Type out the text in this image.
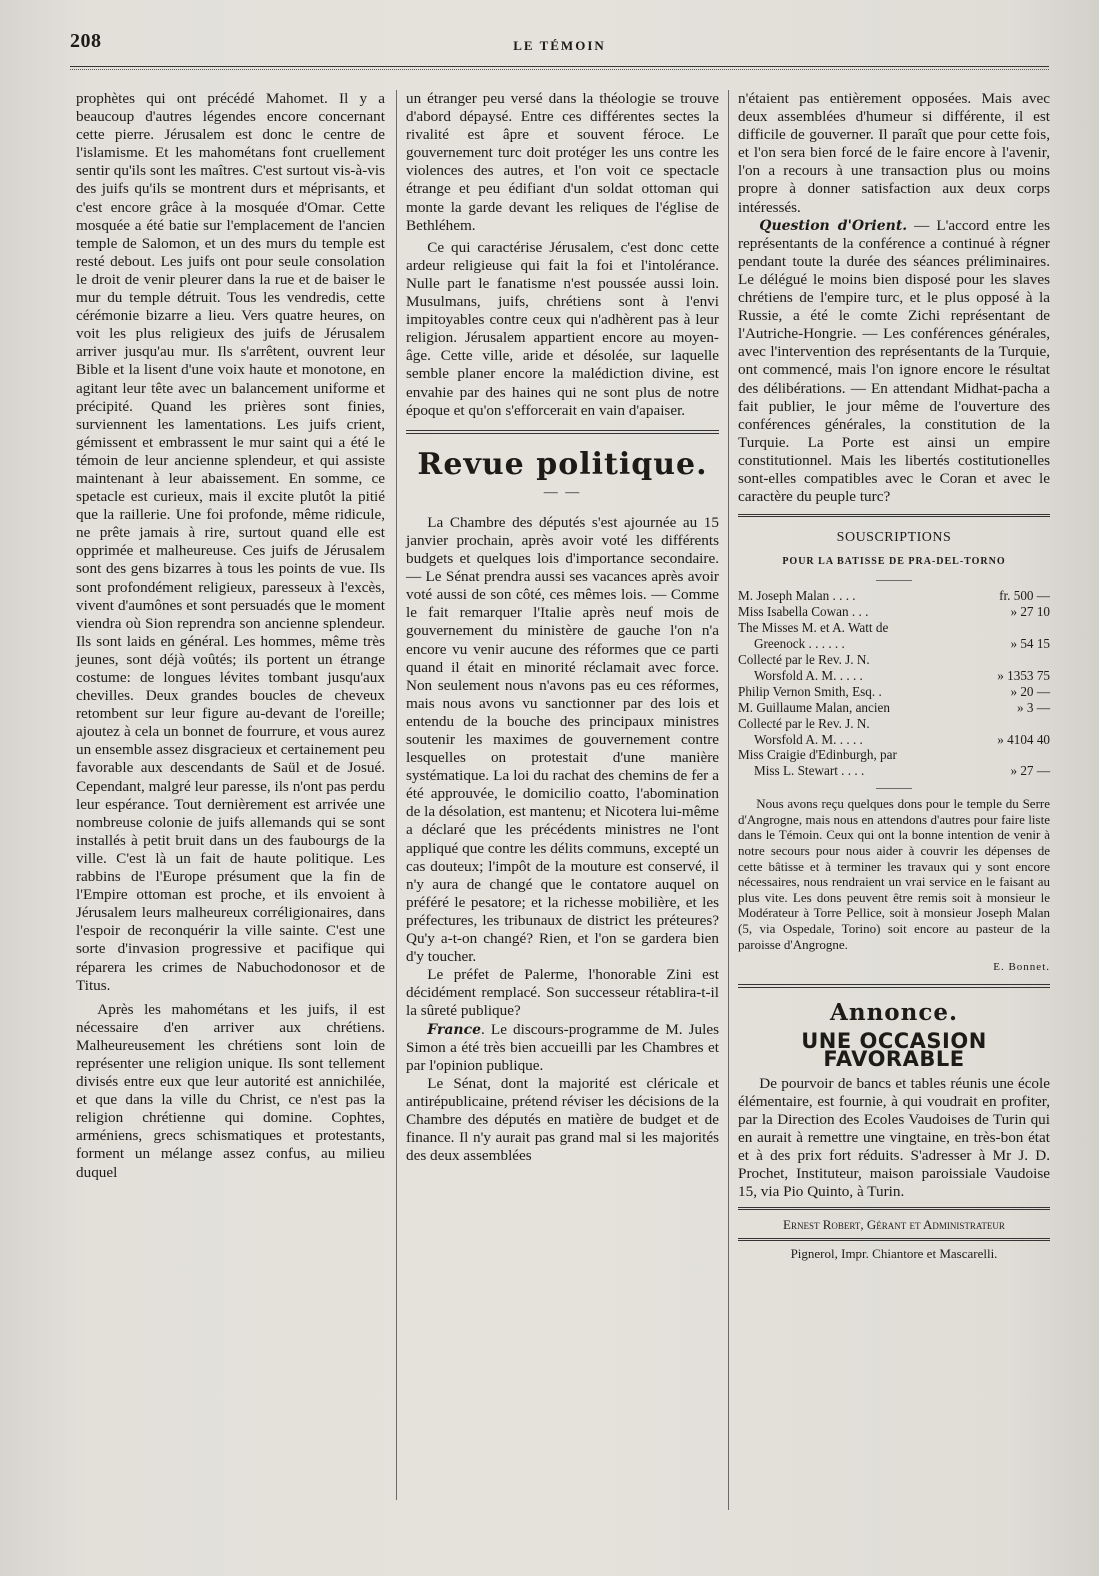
208	LE TÉMOIN

prophètes qui ont précédé Mahomet. Il y a beaucoup d'autres légendes encore concernant cette pierre. Jérusalem est donc le centre de l'islamisme. Et les mahométans font cruellement sentir qu'ils sont les maîtres. C'est surtout vis-à-vis des juifs qu'ils se montrent durs et méprisants, et c'est encore grâce à la mosquée d'Omar. Cette mosquée a été batie sur l'emplacement de l'ancien temple de Salomon, et un des murs du temple est resté debout. Les juifs ont pour seule consolation le droit de venir pleurer dans la rue et de baiser le mur du temple détruit. Tous les vendredis, cette cérémonie bizarre a lieu. Vers quatre heures, on voit les plus religieux des juifs de Jérusalem arriver jusqu'au mur. Ils s'arrêtent, ouvrent leur Bible et la lisent d'une voix haute et monotone, en agitant leur tête avec un balancement uniforme et précipité. Quand les prières sont finies, surviennent les lamentations. Les juifs crient, gémissent et embrassent le mur saint qui a été le témoin de leur ancienne splendeur, et qui assiste maintenant à leur abaissement. En somme, ce spetacle est curieux, mais il excite plutôt la pitié que la raillerie. Une foi profonde, même ridicule, ne prête jamais à rire, surtout quand elle est opprimée et malheureuse. Ces juifs de Jérusalem sont des gens bizarres à tous les points de vue. Ils sont profondément religieux, paresseux à l'excès, vivent d'aumônes et sont persuadés que le moment viendra où Sion reprendra son ancienne splendeur. Ils sont laids en général. Les hommes, même très jeunes, sont déjà voûtés; ils portent un étrange costume: de longues lévites tombant jusqu'aux chevilles. Deux grandes boucles de cheveux retombent sur leur figure au-devant de l'oreille; ajoutez à cela un bonnet de fourrure, et vous aurez un ensemble assez disgracieux et certainement peu favorable aux descendants de Saül et de Josué. Cependant, malgré leur paresse, ils n'ont pas perdu leur espérance. Tout dernièrement est arrivée une nombreuse colonie de juifs allemands qui se sont installés à petit bruit dans un des faubourgs de la ville. C'est là un fait de haute politique. Les rabbins de l'Europe présument que la fin de l'Empire ottoman est proche, et ils envoient à Jérusalem leurs malheureux corréligionaires, dans l'espoir de reconquérir la ville sainte. C'est une sorte d'invasion progressive et pacifique qui réparera les crimes de Nabuchodonosor et de Titus.

Après les mahométans et les juifs, il est nécessaire d'en arriver aux chrétiens. Malheureusement les chrétiens sont loin de représenter une religion unique. Ils sont tellement divisés entre eux que leur autorité est annichilée, et que dans la ville du Christ, ce n'est pas la religion chrétienne qui domine. Cophtes, arméniens, grecs schismatiques et protestants, forment un mélange assez confus, au milieu duquel

un étranger peu versé dans la théologie se trouve d'abord dépaysé. Entre ces différentes sectes la rivalité est âpre et souvent féroce. Le gouvernement turc doit protéger les uns contre les violences des autres, et l'on voit ce spectacle étrange et peu édifiant d'un soldat ottoman qui monte la garde devant les reliques de l'église de Bethléhem.

Ce qui caractérise Jérusalem, c'est donc cette ardeur religieuse qui fait la foi et l'intolérance. Nulle part le fanatisme n'est poussée aussi loin. Musulmans, juifs, chrétiens sont à l'envi impitoyables contre ceux qui n'adhèrent pas à leur religion. Jérusalem appartient encore au moyen-âge. Cette ville, aride et désolée, sur laquelle semble planer encore la malédiction divine, est envahie par des haines qui ne sont plus de notre époque et qu'on s'efforcerait en vain d'apaiser.

Revue politique.
— —

La Chambre des députés s'est ajournée au 15 janvier prochain, après avoir voté les différents budgets et quelques lois d'importance secondaire. — Le Sénat prendra aussi ses vacances après avoir voté aussi de son côté, ces mêmes lois. — Comme le fait remarquer l'Italie après neuf mois de gouvernement du ministère de gauche l'on n'a encore vu venir aucune des réformes que ce parti quand il était en minorité réclamait avec force. Non seulement nous n'avons pas eu ces réformes, mais nous avons vu sanctionner par des lois et entendu de la bouche des principaux ministres soutenir les maximes de gouvernement contre lesquelles on protestait d'une manière systématique. La loi du rachat des chemins de fer a été approuvée, le domicilio coatto, l'abomination de la désolation, est mantenu; et Nicotera lui-même a déclaré que les précédents ministres ne l'ont appliqué que contre les délits communs, excepté un cas douteux; l'impôt de la mouture est conservé, il n'y aura de changé que le contatore auquel on préféré le pesatore; et la richesse mobilière, et les préfectures, les tribunaux de district les préteures? Qu'y a-t-on changé? Rien, et l'on se gardera bien d'y toucher.

Le préfet de Palerme, l'honorable Zini est décidément remplacé. Son successeur rétablira-t-il la sûreté publique?

France. Le discours-programme de M. Jules Simon a été très bien accueilli par les Chambres et par l'opinion publique.

Le Sénat, dont la majorité est cléricale et antirépublicaine, prétend réviser les décisions de la Chambre des députés en matière de budget et de finance. Il n'y aurait pas grand mal si les majorités des deux assemblées

n'étaient pas entièrement opposées. Mais avec deux assemblées d'humeur si différente, il est difficile de gouverner. Il paraît que pour cette fois, et l'on sera bien forcé de le faire encore à l'avenir, l'on a recours à une transaction plus ou moins propre à donner satisfaction aux deux corps intéressés.

Question d'Orient. — L'accord entre les représentants de la conférence a continué à régner pendant toute la durée des séances préliminaires. Le délégué le moins bien disposé pour les slaves chrétiens de l'empire turc, et le plus opposé à la Russie, a été le comte Zichi représentant de l'Autriche-Hongrie. — Les conférences générales, avec l'intervention des représentants de la Turquie, ont commencé, mais l'on ignore encore le résultat des délibérations. — En attendant Midhat-pacha a fait publier, le jour même de l'ouverture des conférences générales, la constitution de la Turquie. La Porte est ainsi un empire constitutionnel. Mais les libertés costitutionelles sont-elles compatibles avec le Coran et avec le caractère du peuple turc?

SOUSCRIPTIONS
POUR LA BATISSE DE PRA-DEL-TORNO
———
M. Joseph Malan . . . .	fr. 500 —
Miss Isabella Cowan . . .	» 27 10
The Misses M. et A. Watt de
Greenock . . . . . .	» 54 15
Collecté par le Rev. J. N.
Worsfold A. M. . . . .	» 1353 75
Philip Vernon Smith, Esq. .	» 20 —
M. Guillaume Malan, ancien	» 3 —
Collecté par le Rev. J. N.
Worsfold A. M. . . . .	» 4104 40
Miss Craigie d'Edinburgh, par
Miss L. Stewart . . . .	» 27 —
———

Nous avons reçu quelques dons pour le temple du Serre d'Angrogne, mais nous en attendons d'autres pour faire liste dans le Témoin. Ceux qui ont la bonne intention de venir à notre secours pour nous aider à couvrir les dépenses de cette bâtisse et à terminer les travaux qui y sont encore nécessaires, nous rendraient un vrai service en le faisant au plus vite. Les dons peuvent être remis soit à monsieur le Modérateur à Torre Pellice, soit à monsieur Joseph Malan (5, via Ospedale, Torino) soit encore au pasteur de la paroisse d'Angrogne.

E. Bonnet.
Annonce.
UNE OCCASION FAVORABLE

De pourvoir de bancs et tables réunis une école élémentaire, est fournie, à qui voudrait en profiter, par la Direction des Ecoles Vaudoises de Turin qui en aurait à remettre une vingtaine, en très-bon état et à des prix fort réduits. S'adresser à Mr J. D. Prochet, Instituteur, maison paroissiale Vaudoise 15, via Pio Quinto, à Turin.

Ernest Robert, Gérant et Administrateur
Pignerol, Impr. Chiantore et Mascarelli.
